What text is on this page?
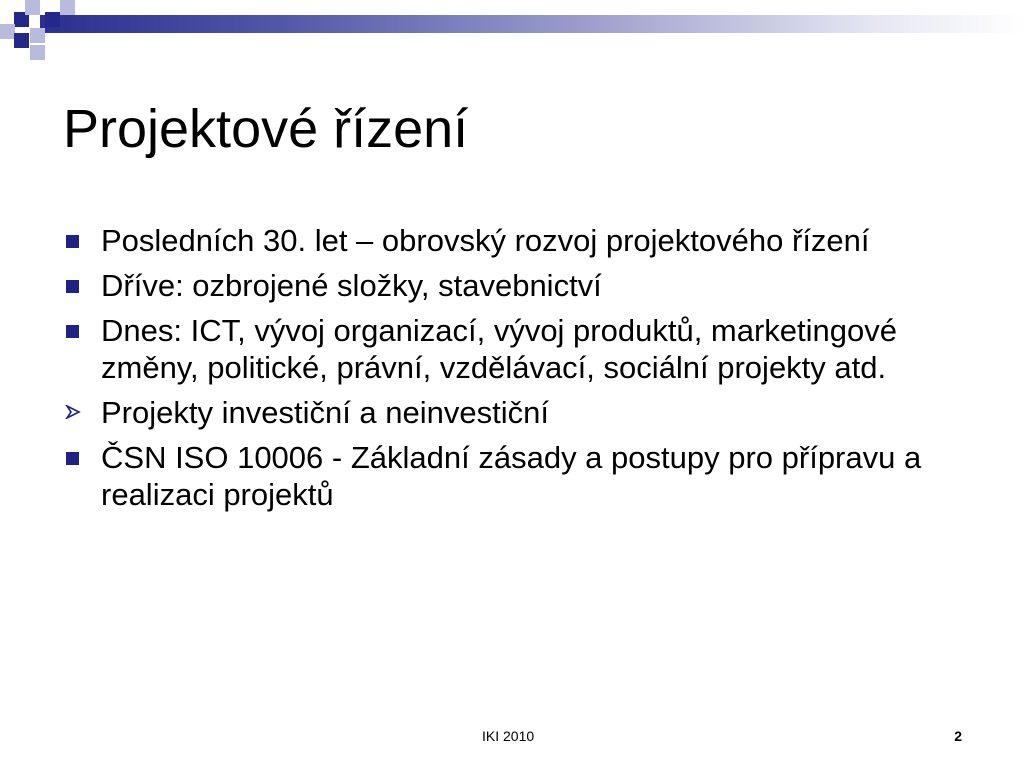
Projektové řízení
Posledních 30. let – obrovský rozvoj projektového řízení
Dříve: ozbrojené složky, stavebnictví
Dnes: ICT, vývoj organizací, vývoj produktů, marketingové změny, politické, právní, vzdělávací, sociální projekty atd.
Projekty investiční a neinvestiční
ČSN ISO 10006 - Základní zásady a postupy pro přípravu a realizaci projektů
IKI 2010	2
